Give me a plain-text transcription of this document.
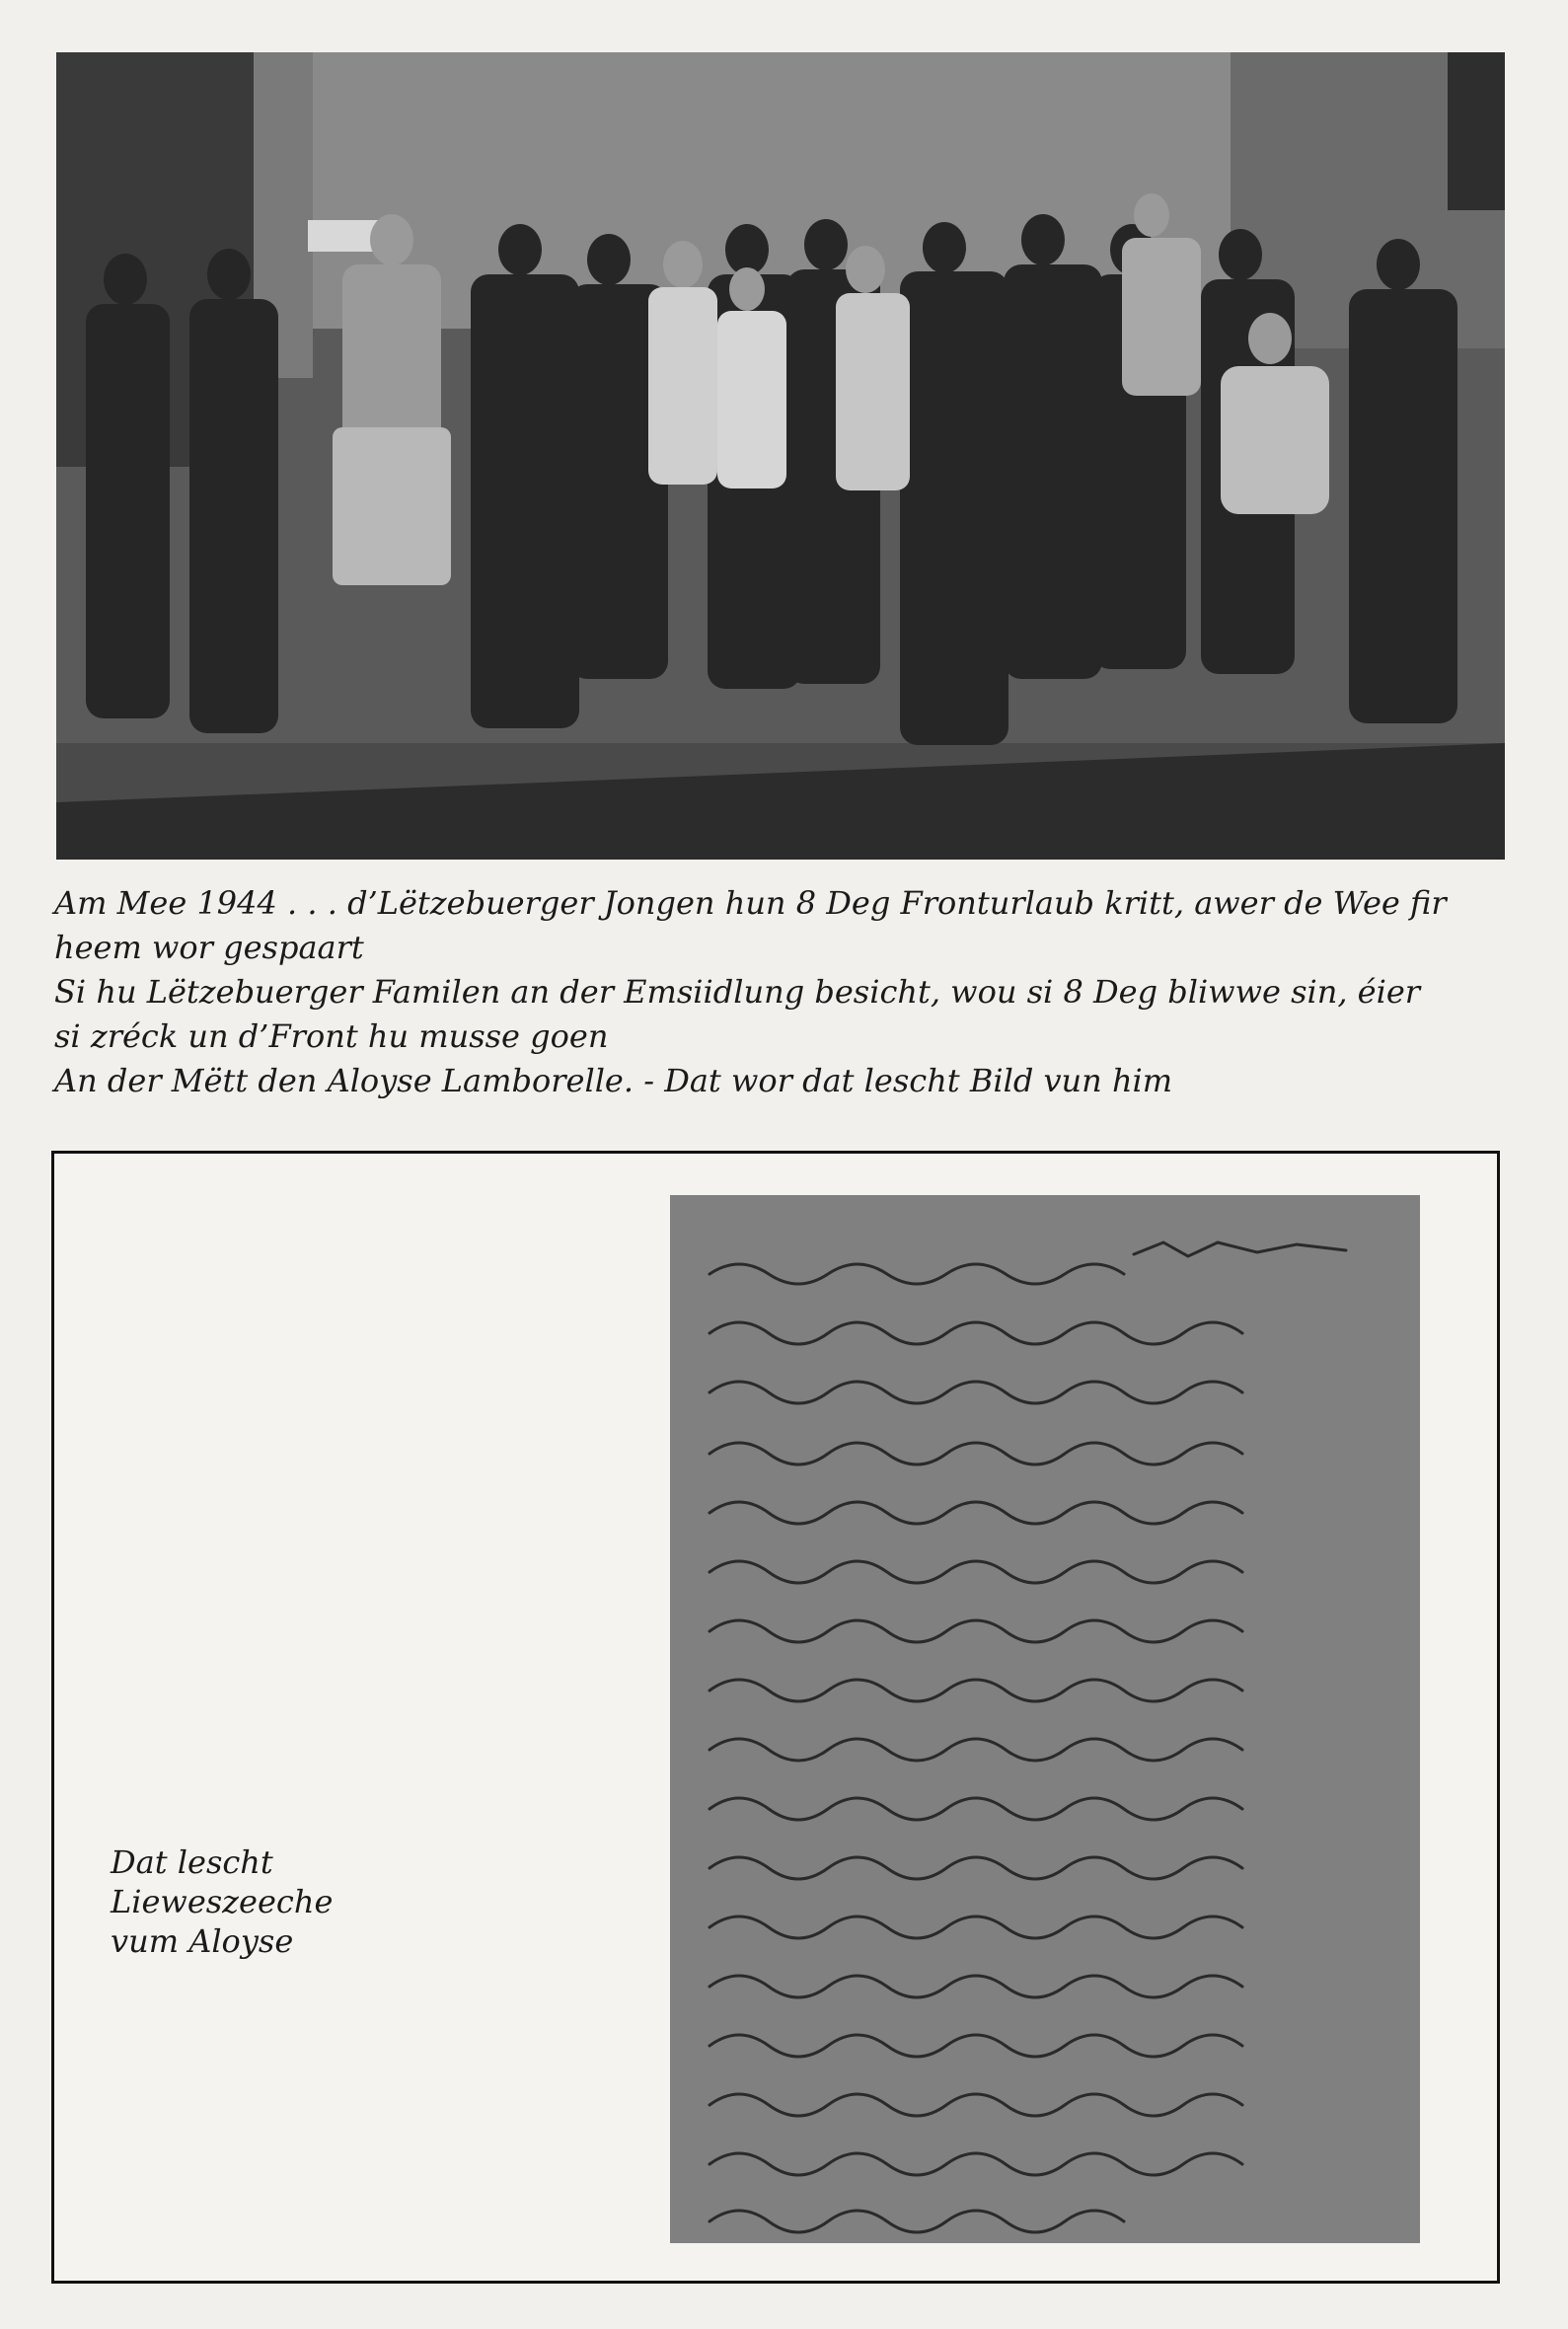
Am Mee 1944 . . . d’Lëtzebuerger Jongen hun 8 Deg Fronturlaub kritt, awer de Wee fir
heem wor gespaart
Si hu Lëtzebuerger Familen an der Emsiidlung besicht, wou si 8 Deg bliwwe sin, éier
si zréck un d’Front hu musse goen
An der Mëtt den Aloyse Lamborelle. - Dat wor dat lescht Bild vun him
Dat lescht
Lieweszeeche
vum Aloyse
